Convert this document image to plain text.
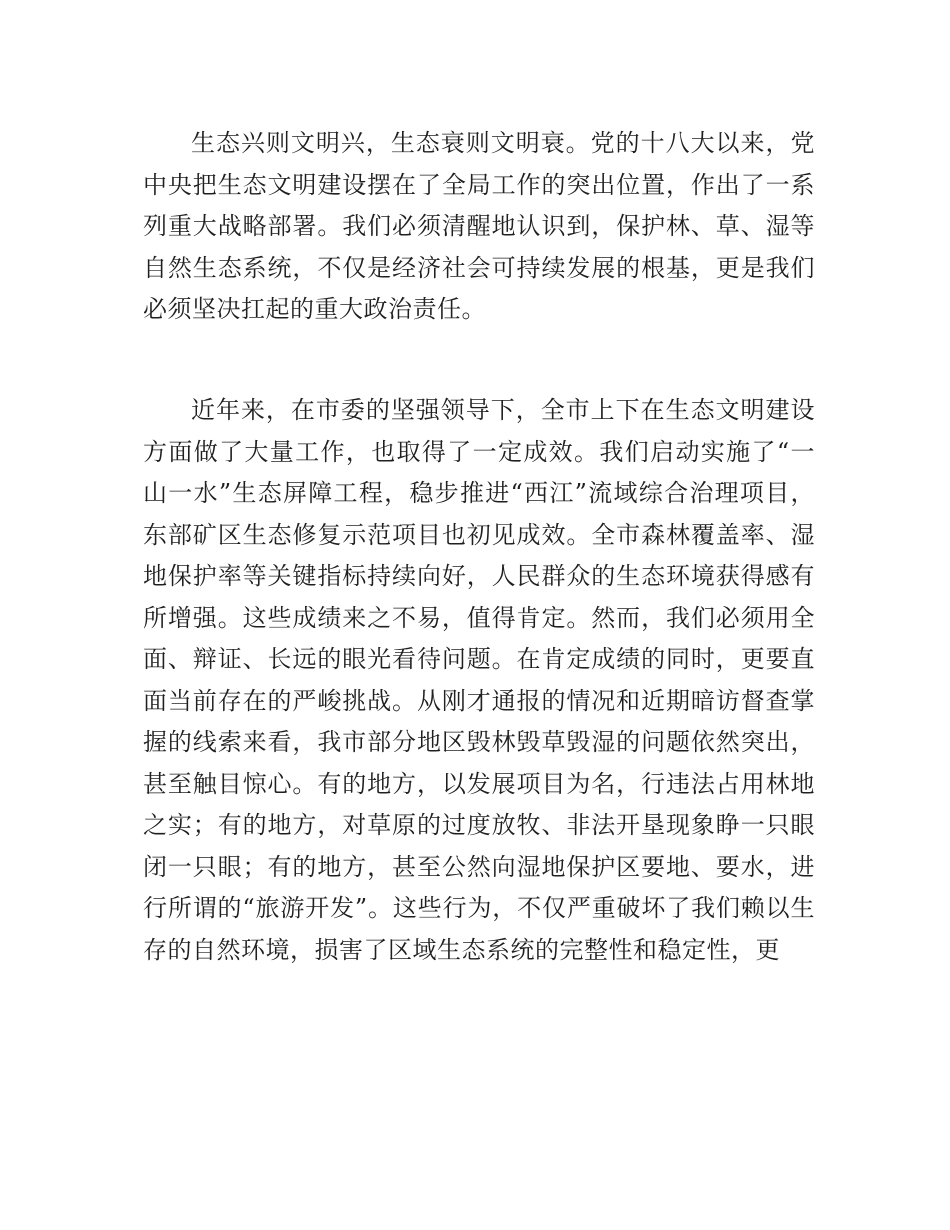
生态兴则文明兴，生态衰则文明衰。党的十八大以来，党中央把生态文明建设摆在了全局工作的突出位置，作出了一系列重大战略部署。我们必须清醒地认识到，保护林、草、湿等自然生态系统，不仅是经济社会可持续发展的根基，更是我们必须坚决扛起的重大政治责任。

近年来，在市委的坚强领导下，全市上下在生态文明建设方面做了大量工作，也取得了一定成效。我们启动实施了“一山一水”生态屏障工程，稳步推进“西江”流域综合治理项目，东部矿区生态修复示范项目也初见成效。全市森林覆盖率、湿地保护率等关键指标持续向好，人民群众的生态环境获得感有所增强。这些成绩来之不易，值得肯定。然而，我们必须用全面、辩证、长远的眼光看待问题。在肯定成绩的同时，更要直面当前存在的严峻挑战。从刚才通报的情况和近期暗访督查掌握的线索来看，我市部分地区毁林毁草毁湿的问题依然突出，甚至触目惊心。有的地方，以发展项目为名，行违法占用林地之实；有的地方，对草原的过度放牧、非法开垦现象睁一只眼闭一只眼；有的地方，甚至公然向湿地保护区要地、要水，进行所谓的“旅游开发”。这些行为，不仅严重破坏了我们赖以生存的自然环境，损害了区域生态系统的完整性和稳定性，更
